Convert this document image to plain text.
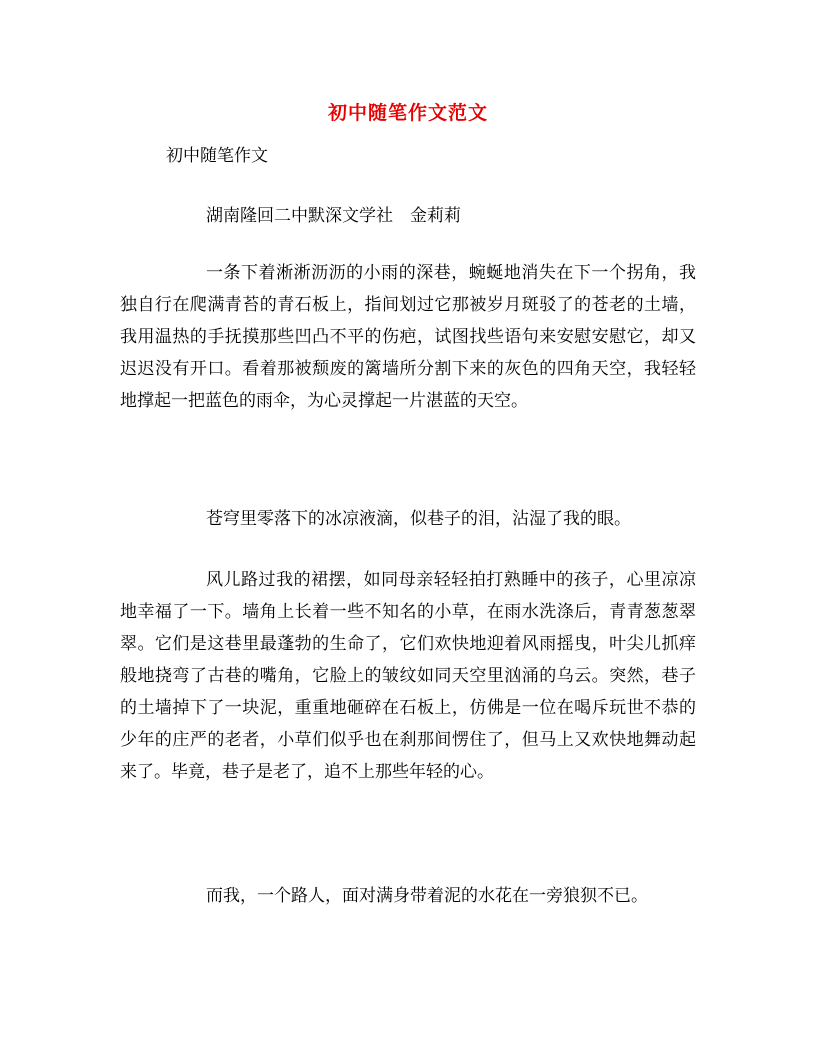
初中随笔作文范文
初中随笔作文
湖南隆回二中默深文学社　金莉莉

一条下着淅淅沥沥的小雨的深巷，蜿蜒地消失在下一个拐角，我独自行在爬满青苔的青石板上，指间划过它那被岁月斑驳了的苍老的土墙，我用温热的手抚摸那些凹凸不平的伤疤，试图找些语句来安慰安慰它，却又迟迟没有开口。看着那被颓废的篱墙所分割下来的灰色的四角天空，我轻轻地撑起一把蓝色的雨伞，为心灵撑起一片湛蓝的天空。

苍穹里零落下的冰凉液滴，似巷子的泪，沾湿了我的眼。

风儿路过我的裙摆，如同母亲轻轻拍打熟睡中的孩子，心里凉凉地幸福了一下。墙角上长着一些不知名的小草，在雨水洗涤后，青青葱葱翠翠。它们是这巷里最蓬勃的生命了，它们欢快地迎着风雨摇曳，叶尖儿抓痒般地挠弯了古巷的嘴角，它脸上的皱纹如同天空里汹涌的乌云。突然，巷子的土墙掉下了一块泥，重重地砸碎在石板上，仿佛是一位在喝斥玩世不恭的少年的庄严的老者，小草们似乎也在刹那间愣住了，但马上又欢快地舞动起来了。毕竟，巷子是老了，追不上那些年轻的心。

而我，一个路人，面对满身带着泥的水花在一旁狼狈不已。
